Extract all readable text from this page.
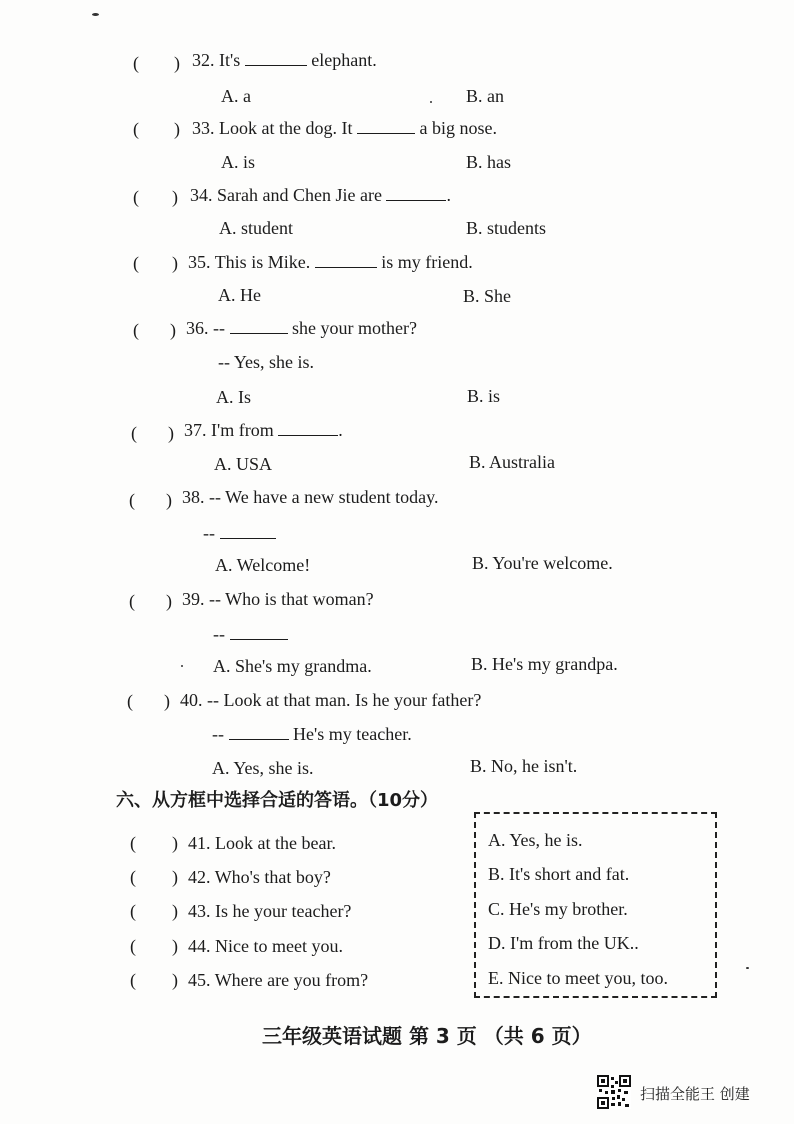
( ) 32. It's	elephant.
A. a	B. an
( ) 33. Look at the dog. It	a big nose.
A. is	B. has
( ) 34. Sarah and Chen Jie are	.
A. student	B. students
( ) 35. This is Mike.	is my friend.
A. He	B. She
( ) 36. --	she your mother?
-- Yes, she is.
A. Is	B. is
( ) 37. I'm from	.
A. USA	B. Australia
( ) 38. -- We have a new student today.
--
A. Welcome!	B. You're welcome.
( ) 39. -- Who is that woman?
--
A. She's my grandma.	B. He's my grandpa.
( ) 40. -- Look at that man. Is he your father?
--	He's my teacher.
A. Yes, she is.	B. No, he isn't.
六、从方框中选择合适的答语。（10分）
A. Yes, he is.
B. It's short and fat.
C. He's my brother.
D. I'm from the UK..
E. Nice to meet you, too.
( ) 41. Look at the bear.
( ) 42. Who's that boy?
( ) 43. Is he your teacher?
( ) 44. Nice to meet you.
( ) 45. Where are you from?
三年级英语试题 第 3 页 （共 6 页）
扫描全能王 创建
